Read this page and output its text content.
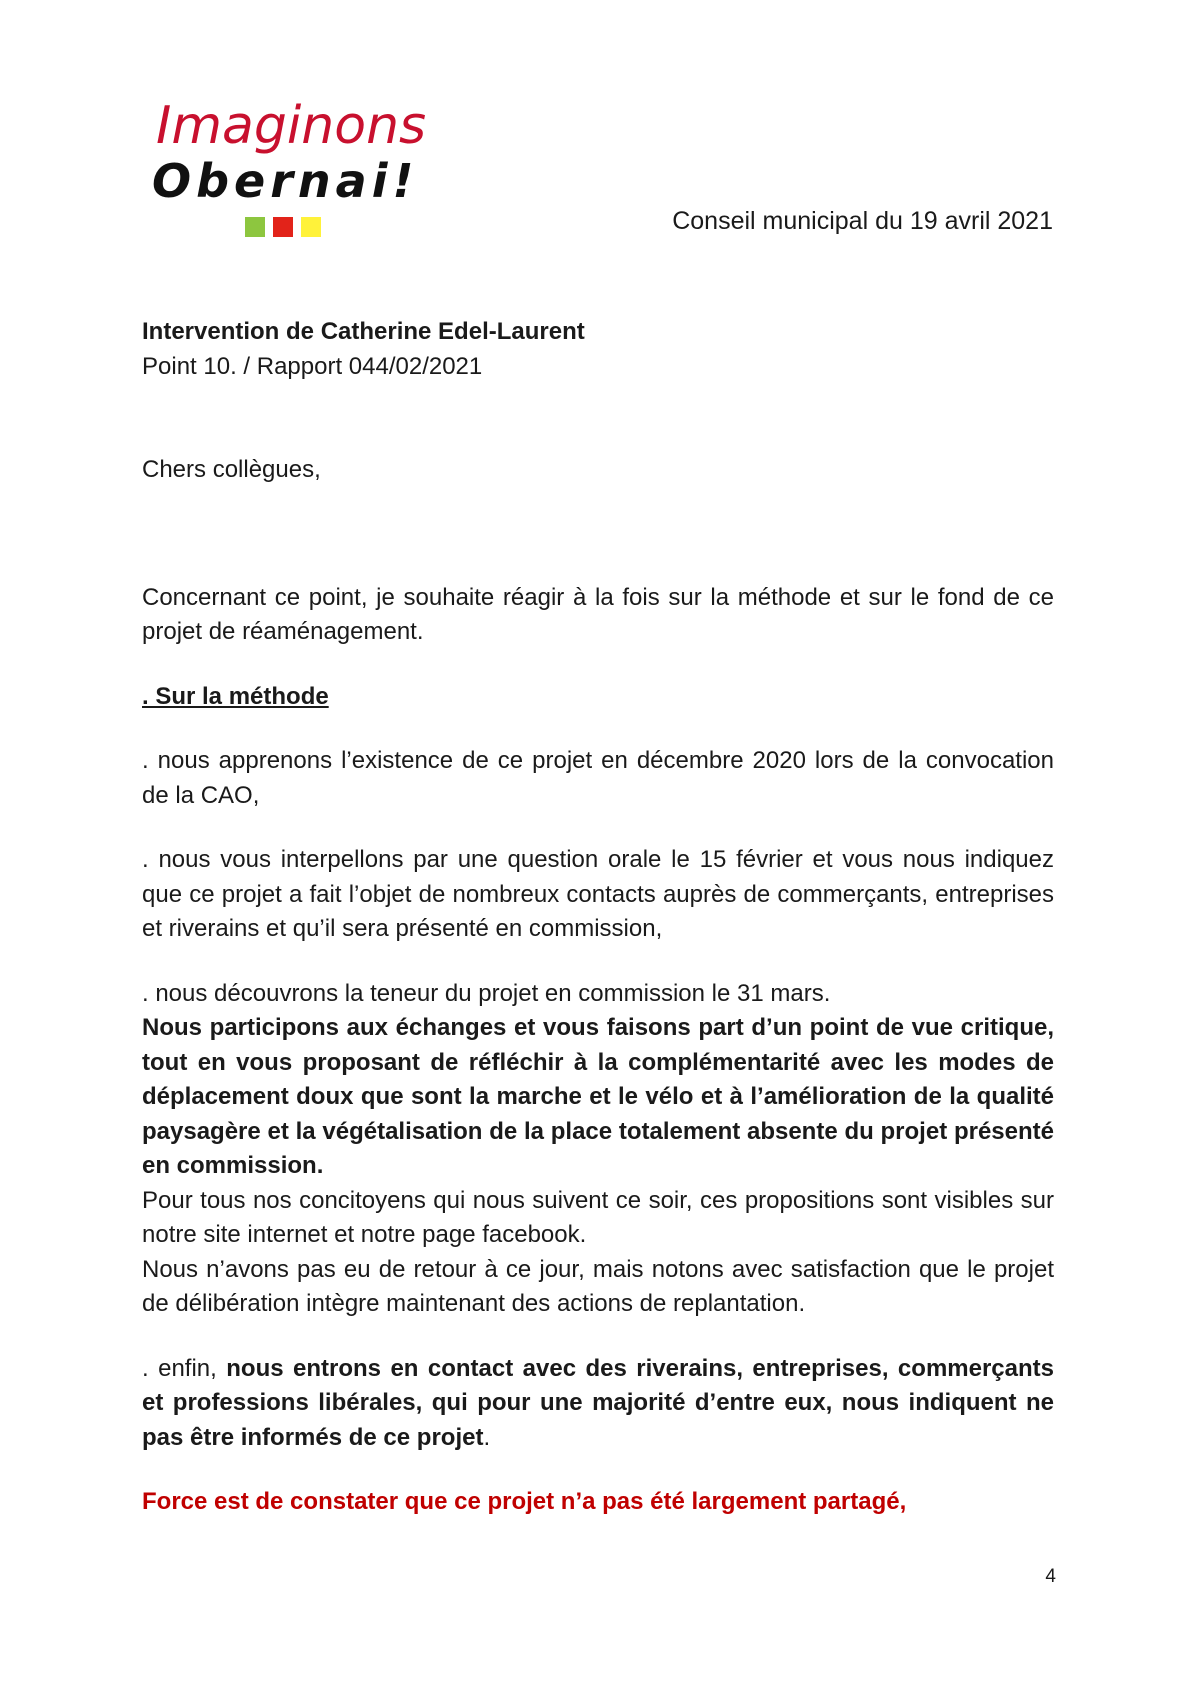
Imaginons
Obernai!
Conseil municipal du 19 avril 2021

Intervention de Catherine Edel-Laurent

Point 10. / Rapport 044/02/2021

Chers collègues,

Concernant ce point, je souhaite réagir à la fois sur la méthode et sur le fond de ce projet de réaménagement.

. Sur la méthode

. nous apprenons l’existence de ce projet en décembre 2020 lors de la convocation de la CAO,

. nous vous interpellons par une question orale le 15 février et vous nous indiquez que ce projet a fait l’objet de nombreux contacts auprès de commerçants, entreprises et riverains et qu’il sera présenté en commission,

. nous découvrons la teneur du projet en commission le 31 mars.

Nous participons aux échanges et vous faisons part d’un point de vue critique, tout en vous proposant de réfléchir à la complémentarité avec les modes de déplacement doux que sont la marche et le vélo et à l’amélioration de la qualité paysagère et la végétalisation de la place totalement absente du projet présenté en commission.

Pour tous nos concitoyens qui nous suivent ce soir, ces propositions sont visibles sur notre site internet et notre page facebook.

Nous n’avons pas eu de retour à ce jour, mais notons avec satisfaction que le projet de délibération intègre maintenant des actions de replantation.

. enfin, nous entrons en contact avec des riverains, entreprises, commerçants et professions libérales, qui pour une majorité d’entre eux, nous indiquent ne pas être informés de ce projet.

Force est de constater que ce projet n’a pas été largement partagé,

4
